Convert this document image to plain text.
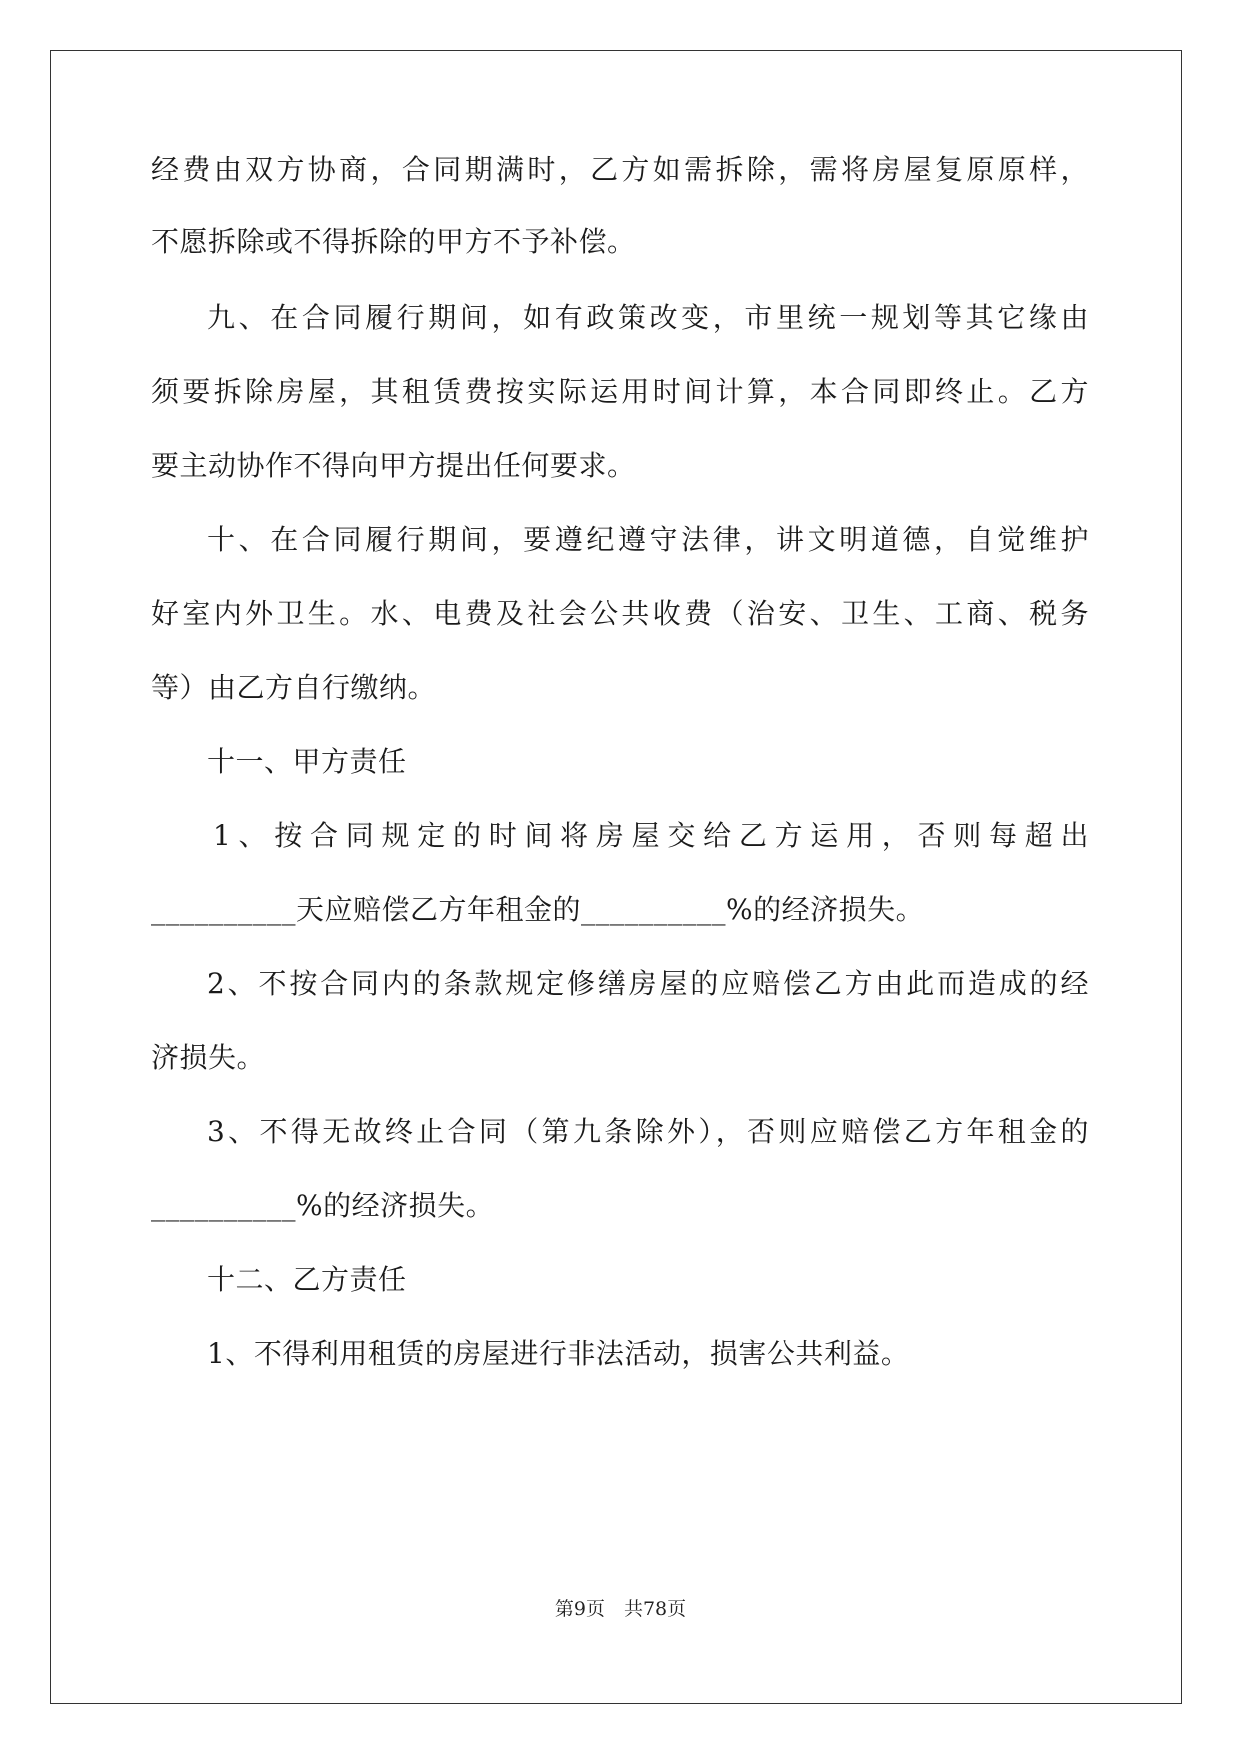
经费由双方协商，合同期满时，乙方如需拆除，需将房屋复原原样，
不愿拆除或不得拆除的甲方不予补偿。
九、在合同履行期间，如有政策改变，市里统一规划等其它缘由
须要拆除房屋，其租赁费按实际运用时间计算，本合同即终止。乙方
要主动协作不得向甲方提出任何要求。
十、在合同履行期间，要遵纪遵守法律，讲文明道德，自觉维护
好室内外卫生。水、电费及社会公共收费（治安、卫生、工商、税务
等）由乙方自行缴纳。
十一、甲方责任
1、按合同规定的时间将房屋交给乙方运用，否则每超出
__________天应赔偿乙方年租金的__________%的经济损失。
2、不按合同内的条款规定修缮房屋的应赔偿乙方由此而造成的经
济损失。
3、不得无故终止合同（第九条除外），否则应赔偿乙方年租金的
__________%的经济损失。
十二、乙方责任
1、不得利用租赁的房屋进行非法活动，损害公共利益。
第9页　共78页
